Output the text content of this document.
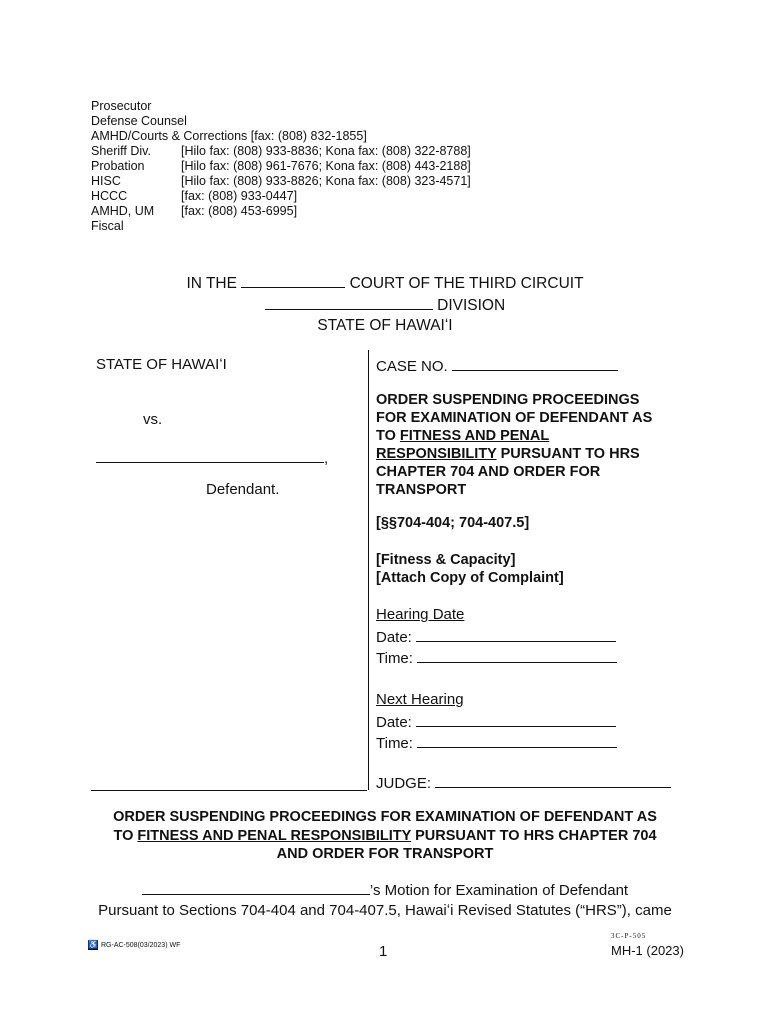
Prosecutor
Defense Counsel
AMHD/Courts & Corrections [fax: (808) 832-1855]
Sheriff Div. [Hilo fax: (808) 933-8836; Kona fax: (808) 322-8788]
Probation	[Hilo fax: (808) 961-7676; Kona fax: (808) 443-2188]
HISC	[Hilo fax: (808) 933-8826; Kona fax: (808) 323-4571]
HCCC	[fax: (808) 933-0447]
AMHD, UM [fax: (808) 453-6995]
Fiscal
IN THE	COURT OF THE THIRD CIRCUIT
DIVISION
STATE OF HAWAIʻI
STATE OF HAWAIʻI
vs.
,
Defendant.
CASE NO.
ORDER SUSPENDING PROCEEDINGS
FOR EXAMINATION OF DEFENDANT AS
TO FITNESS AND PENAL
RESPONSIBILITY PURSUANT TO HRS
CHAPTER 704 AND ORDER FOR
TRANSPORT
[§§704-404; 704-407.5]
[Fitness & Capacity]
[Attach Copy of Complaint]
Hearing Date
Date:
Time:
Next Hearing
Date:
Time:
JUDGE:
ORDER SUSPENDING PROCEEDINGS FOR EXAMINATION OF DEFENDANT AS
TO FITNESS AND PENAL RESPONSIBILITY PURSUANT TO HRS CHAPTER 704
AND ORDER FOR TRANSPORT
’s Motion for Examination of Defendant
Pursuant to Sections 704-404 and 704-407.5, Hawaiʻi Revised Statutes (“HRS”), came
♿ RG-AC-508(03/2023) WF	1
3C-P-505
MH-1 (2023)
